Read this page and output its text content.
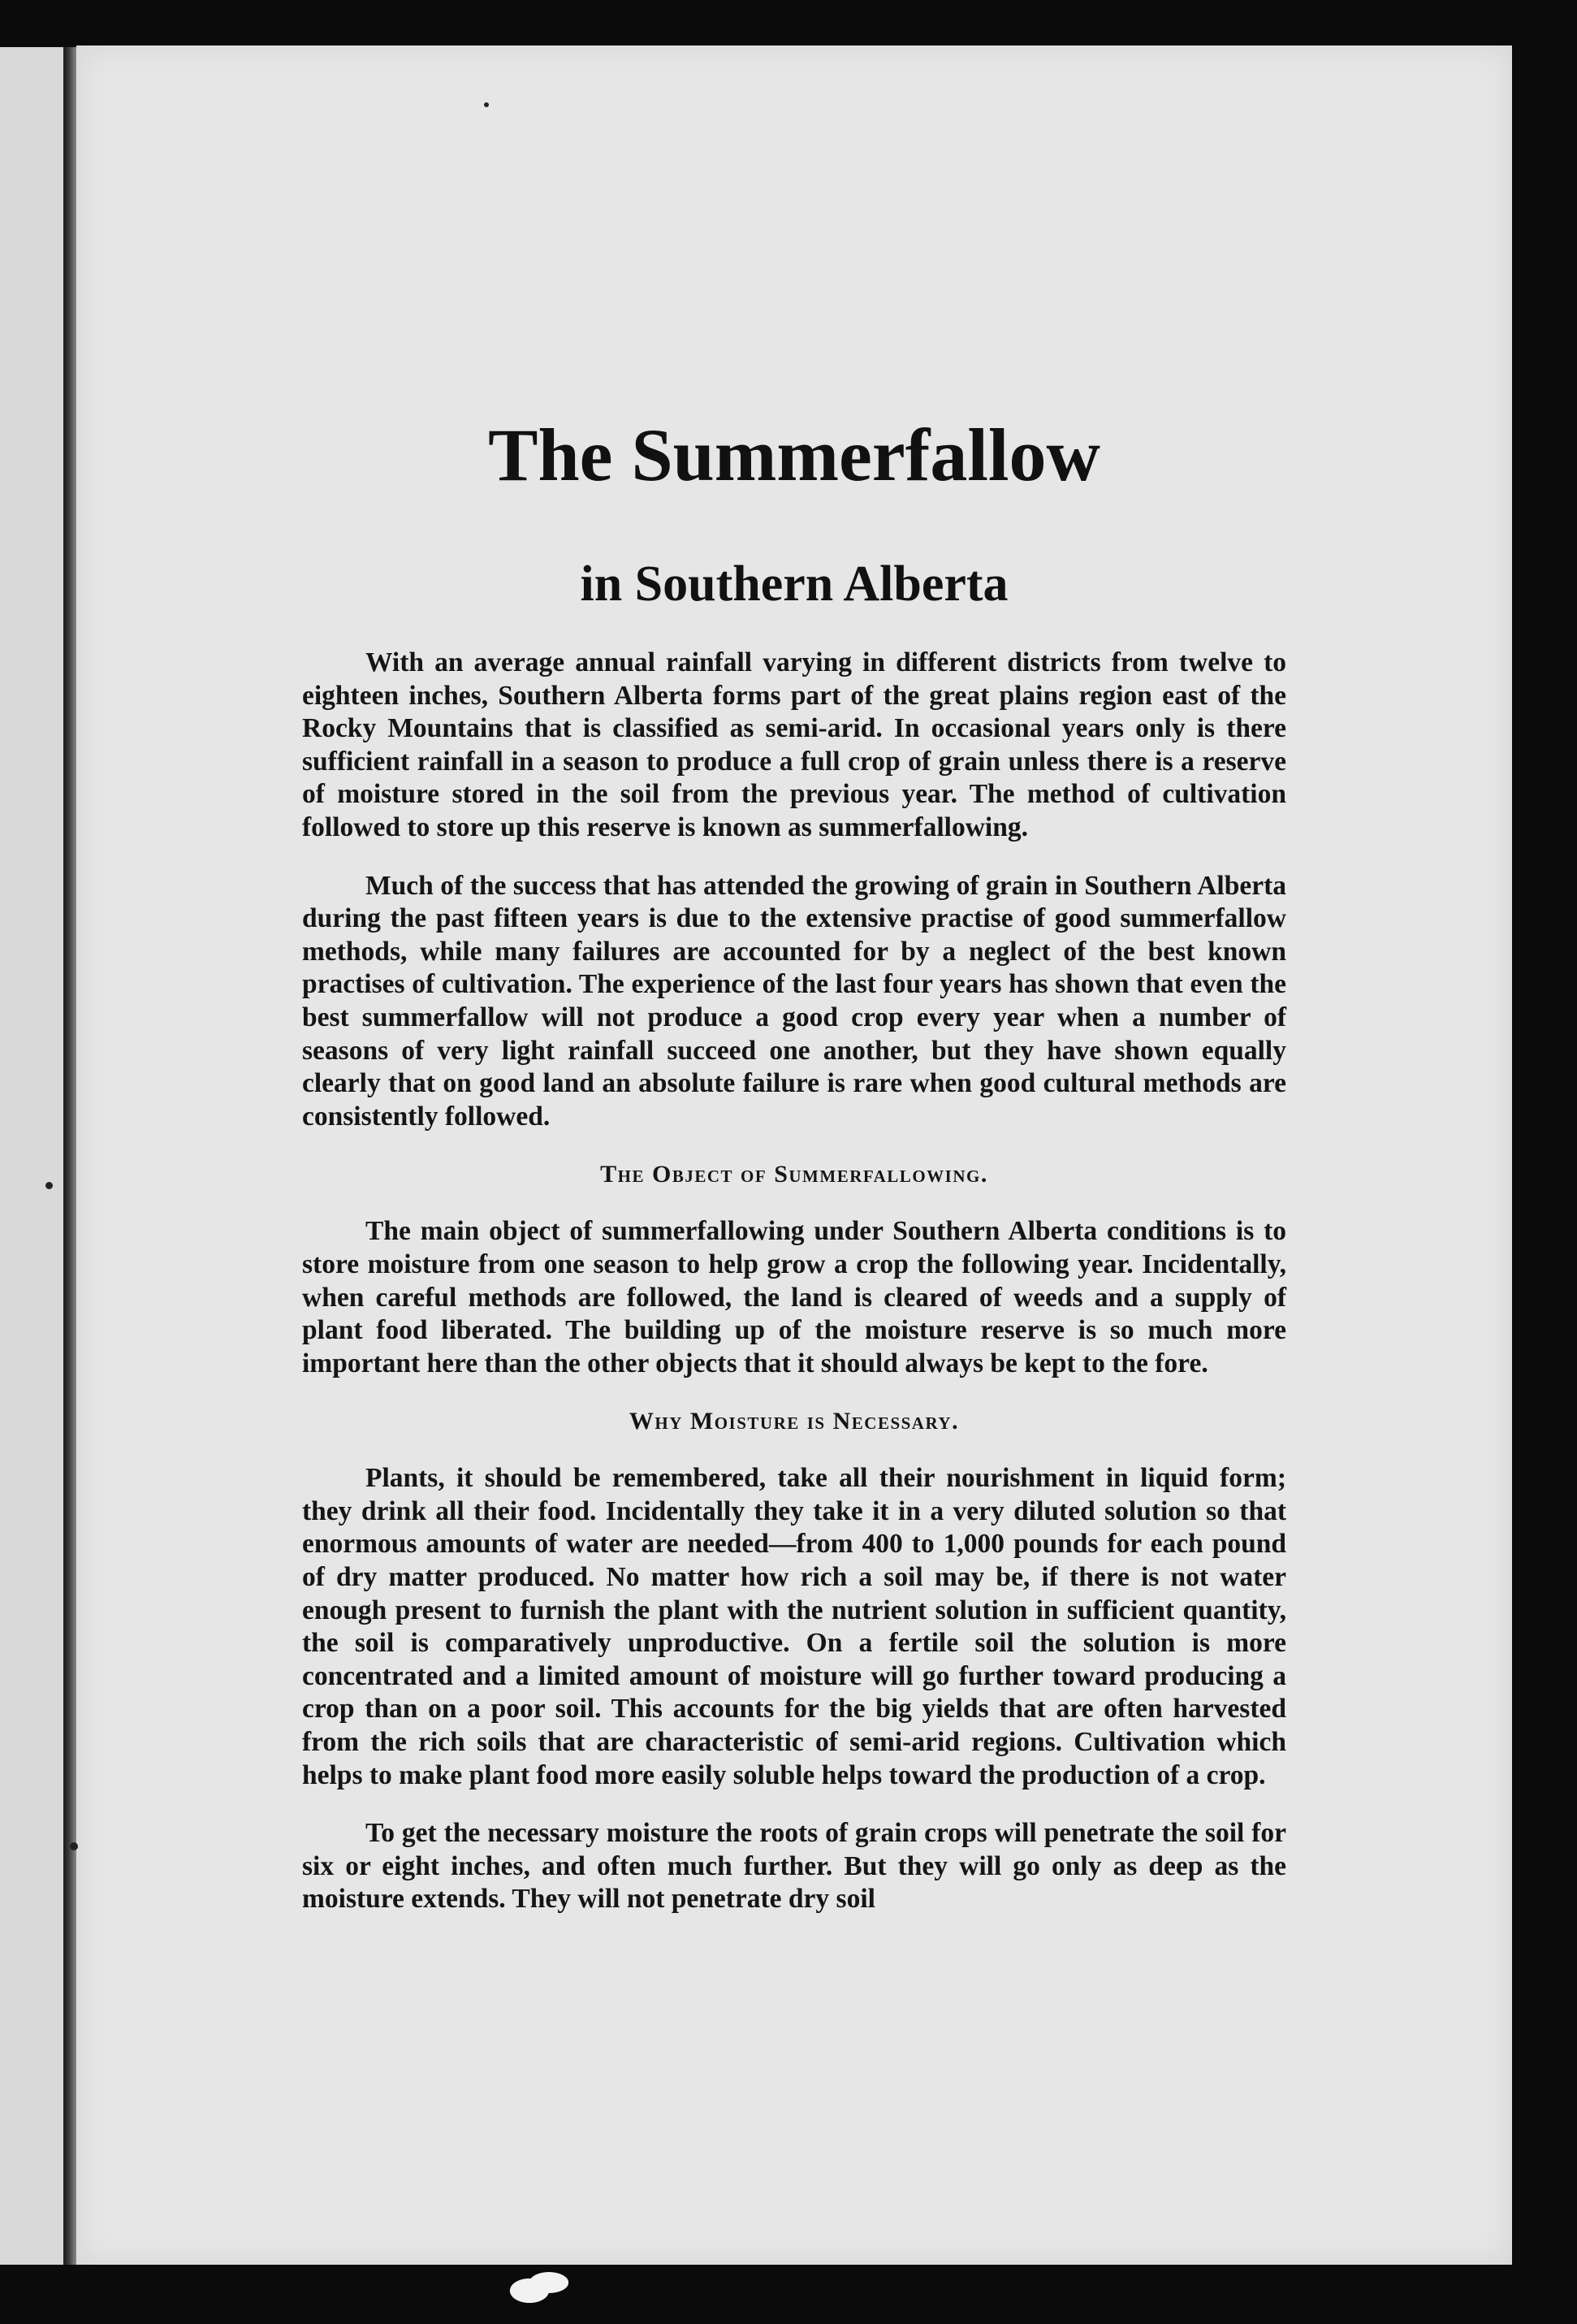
The Summerfallow
in Southern Alberta

With an average annual rainfall varying in different districts from twelve to eighteen inches, Southern Alberta forms part of the great plains region east of the Rocky Mountains that is classified as semi-arid. In occasional years only is there sufficient rainfall in a season to produce a full crop of grain unless there is a reserve of moisture stored in the soil from the previous year. The method of cultivation followed to store up this reserve is known as summerfallowing.

Much of the success that has attended the growing of grain in Southern Alberta during the past fifteen years is due to the extensive practise of good summerfallow methods, while many failures are accounted for by a neglect of the best known practises of cultivation. The experience of the last four years has shown that even the best summerfallow will not produce a good crop every year when a number of seasons of very light rainfall succeed one another, but they have shown equally clearly that on good land an absolute failure is rare when good cultural methods are consistently followed.

The Object of Summerfallowing.

The main object of summerfallowing under Southern Alberta conditions is to store moisture from one season to help grow a crop the following year. Incidentally, when careful methods are followed, the land is cleared of weeds and a supply of plant food liberated. The building up of the moisture reserve is so much more important here than the other objects that it should always be kept to the fore.

Why Moisture is Necessary.

Plants, it should be remembered, take all their nourishment in liquid form; they drink all their food. Incidentally they take it in a very diluted solution so that enormous amounts of water are needed—from 400 to 1,000 pounds for each pound of dry matter produced. No matter how rich a soil may be, if there is not water enough present to furnish the plant with the nutrient solution in sufficient quantity, the soil is comparatively unproductive. On a fertile soil the solution is more concentrated and a limited amount of moisture will go further toward producing a crop than on a poor soil. This accounts for the big yields that are often harvested from the rich soils that are characteristic of semi-arid regions. Cultivation which helps to make plant food more easily soluble helps toward the production of a crop.

To get the necessary moisture the roots of grain crops will penetrate the soil for six or eight inches, and often much further. But they will go only as deep as the moisture extends. They will not penetrate dry soil
